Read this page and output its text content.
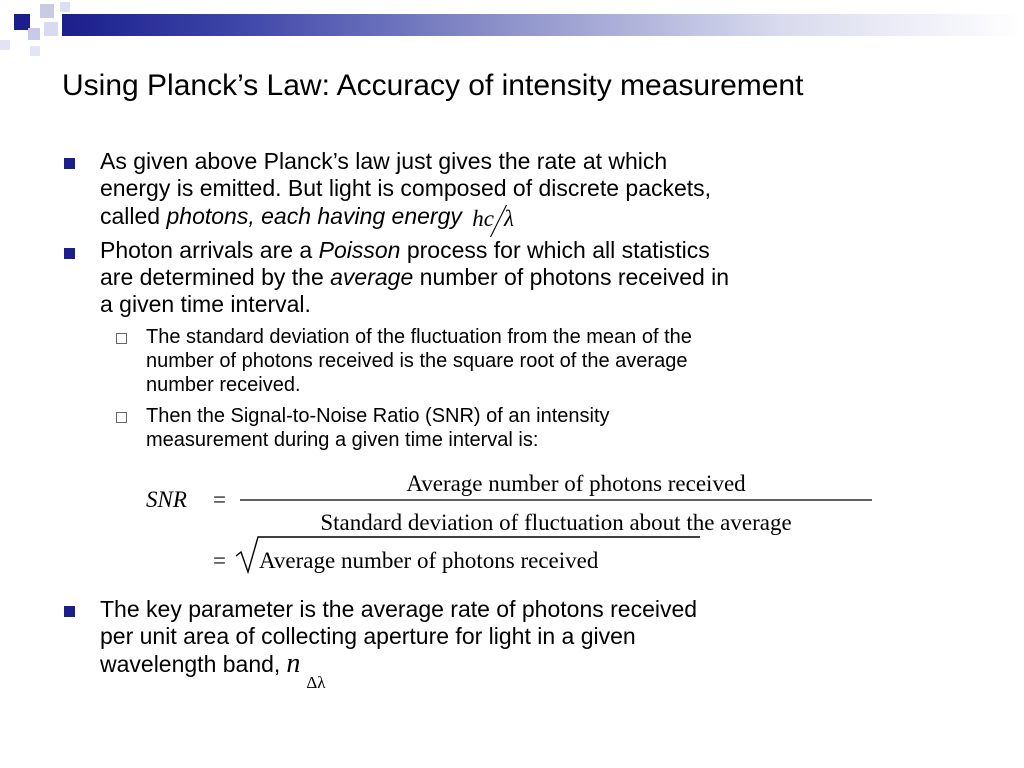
Using Planck’s Law: Accuracy of intensity measurement
As given above Planck’s law just gives the rate at which
energy is emitted. But light is composed of discrete packets,
called photons, each having energy hc λ
Photon arrivals are a Poisson process for which all statistics
are determined by the average number of photons received in
a given time interval.
The standard deviation of the fluctuation from the mean of the
number of photons received is the square root of the average
number received.
Then the Signal-to-Noise Ratio (SNR) of an intensity
measurement during a given time interval is:
SNR =
Average number of photons received
Standard deviation of fluctuation about the average
= Average number of photons received
The key parameter is the average rate of photons received
per unit area of collecting aperture for light in a given
wavelength band, $n_{\Delta\lambda}$
